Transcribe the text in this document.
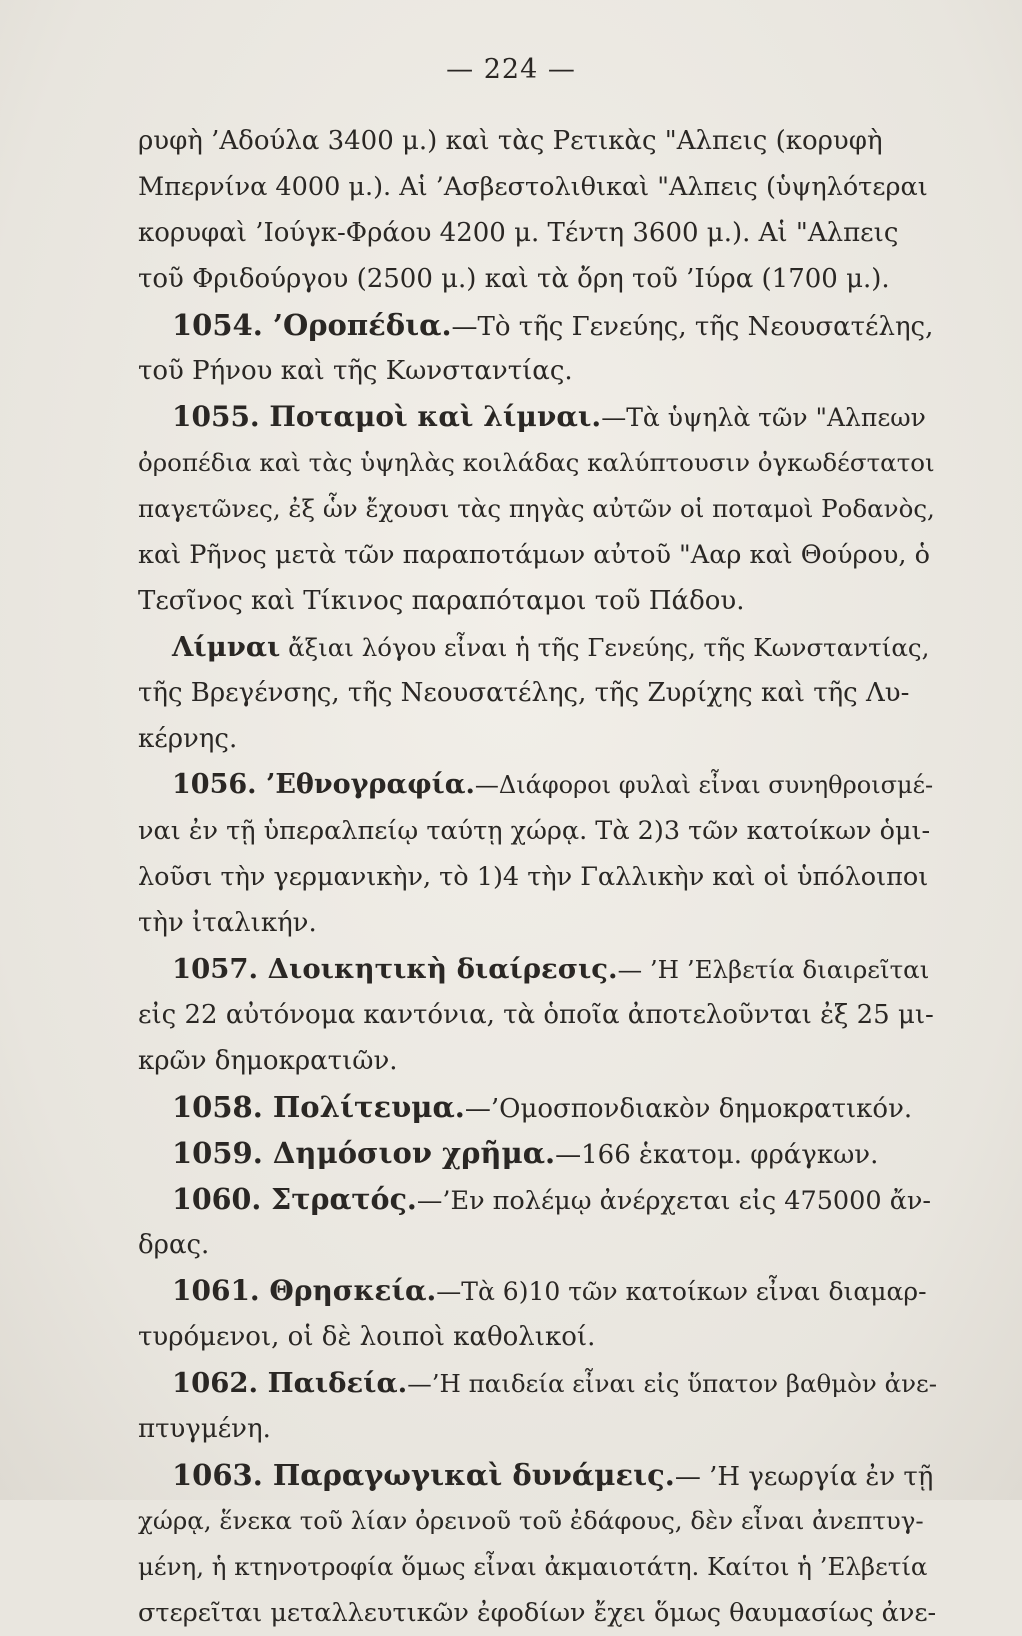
— 224 —
ρυφὴ ’Αδούλα 3400 μ.) καὶ τὰς Ρετικὰς "Αλπεις (κορυφὴ
Μπερνίνα 4000 μ.). Αἱ ’Ασβεστολιθικαὶ "Αλπεις (ὑψηλότεραι
κορυφαὶ ’Ιούγκ-Φράου 4200 μ. Τέντη 3600 μ.). Αἱ "Αλπεις
τοῦ Φριδούργου (2500 μ.) καὶ τὰ ὄρη τοῦ ’Ιύρα (1700 μ.).
1054. ’Οροπέδια.—Τὸ τῆς Γενεύης, τῆς Νεουσατέλης,
τοῦ Ρήνου καὶ τῆς Κωνσταντίας.
1055. Ποταμοὶ καὶ λίμναι.—Τὰ ὑψηλὰ τῶν "Αλπεων
ὀροπέδια καὶ τὰς ὑψηλὰς κοιλάδας καλύπτουσιν ὀγκωδέστατοι
παγετῶνες, ἐξ ὧν ἔχουσι τὰς πηγὰς αὐτῶν οἱ ποταμοὶ Ροδανὸς,
καὶ Ρῆνος μετὰ τῶν παραποτάμων αὐτοῦ "Ααρ καὶ Θούρου, ὁ
Τεσῖνος καὶ Τίκινος παραπόταμοι τοῦ Πάδου.
Λίμναι ἄξιαι λόγου εἶναι ἡ τῆς Γενεύης, τῆς Κωνσταντίας,
τῆς Βρεγένσης, τῆς Νεουσατέλης, τῆς Ζυρίχης καὶ τῆς Λυ-
κέρνης.
1056. ’Εθνογραφία.—Διάφοροι φυλαὶ εἶναι συνηθροισμέ-
ναι ἐν τῇ ὑπεραλπείῳ ταύτῃ χώρᾳ. Τὰ 2)3 τῶν κατοίκων ὁμι-
λοῦσι τὴν γερμανικὴν, τὸ 1)4 τὴν Γαλλικὴν καὶ οἱ ὑπόλοιποι
τὴν ἰταλικήν.
1057. Διοικητικὴ διαίρεσις.— ’Η ’Ελβετία διαιρεῖται
εἰς 22 αὐτόνομα καντόνια, τὰ ὁποῖα ἀποτελοῦνται ἐξ 25 μι-
κρῶν δημοκρατιῶν.
1058. Πολίτευμα.—’Ομοσπονδιακὸν δημοκρατικόν.
1059. Δημόσιον χρῆμα.—166 ἑκατομ. φράγκων.
1060. Στρατός.—’Εν πολέμῳ ἀνέρχεται εἰς 475000 ἄν-
δρας.
1061. Θρησκεία.—Τὰ 6)10 τῶν κατοίκων εἶναι διαμαρ-
τυρόμενοι, οἱ δὲ λοιποὶ καθολικοί.
1062. Παιδεία.—’Η παιδεία εἶναι εἰς ὕπατον βαθμὸν ἀνε-
πτυγμένη.
1063. Παραγωγικαὶ δυνάμεις.— ’Η γεωργία ἐν τῇ
χώρᾳ, ἕνεκα τοῦ λίαν ὀρεινοῦ τοῦ ἐδάφους, δὲν εἶναι ἀνεπτυγ-
μένη, ἡ κτηνοτροφία ὅμως εἶναι ἀκμαιοτάτη. Καίτοι ἡ ’Ελβετία
στερεῖται μεταλλευτικῶν ἐφοδίων ἔχει ὅμως θαυμασίως ἀνε-
